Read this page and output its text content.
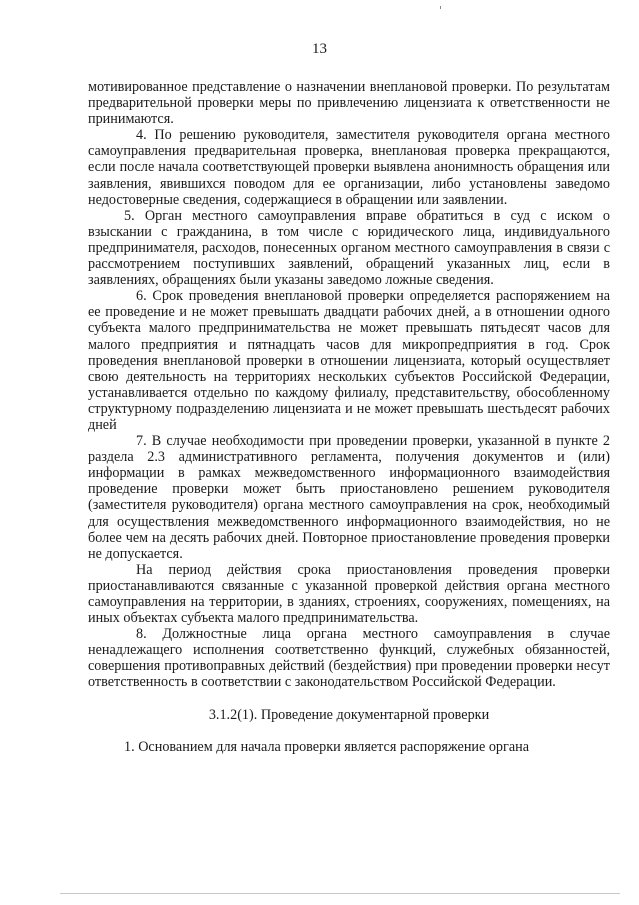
13

мотивированное представление о назначении внеплановой проверки. По результатам предварительной проверки меры по привлечению лицензиата к ответственности не принимаются.

4. По решению руководителя, заместителя руководителя органа местного самоуправления предварительная проверка, внеплановая проверка прекращаются, если после начала соответствующей проверки выявлена анонимность обращения или заявления, явившихся поводом для ее организации, либо установлены заведомо недостоверные сведения, содержащиеся в обращении или заявлении.

5. Орган местного самоуправления вправе обратиться в суд с иском о взыскании с гражданина, в том числе с юридического лица, индивидуального предпринимателя, расходов, понесенных органом местного самоуправления в связи с рассмотрением поступивших заявлений, обращений указанных лиц, если в заявлениях, обращениях были указаны заведомо ложные сведения.

6. Срок проведения внеплановой проверки определяется распоряжением на ее проведение и не может превышать двадцати рабочих дней, а в отношении одного субъекта малого предпринимательства не может превышать пятьдесят часов для малого предприятия и пятнадцать часов для микропредприятия в год. Срок проведения внеплановой проверки в отношении лицензиата, который осуществляет свою деятельность на территориях нескольких субъектов Российской Федерации, устанавливается отдельно по каждому филиалу, представительству, обособленному структурному подразделению лицензиата и не может превышать шестьдесят рабочих дней

7. В случае необходимости при проведении проверки, указанной в пункте 2 раздела 2.3 административного регламента, получения документов и (или) информации в рамках межведомственного информационного взаимодействия проведение проверки может быть приостановлено решением руководителя (заместителя руководителя) органа местного самоуправления на срок, необходимый для осуществления межведомственного информационного взаимодействия, но не более чем на десять рабочих дней. Повторное приостановление проведения проверки не допускается.

На период действия срока приостановления проведения проверки приостанавливаются связанные с указанной проверкой действия органа местного самоуправления на территории, в зданиях, строениях, сооружениях, помещениях, на иных объектах субъекта малого предпринимательства.

8. Должностные лица органа местного самоуправления в случае ненадлежащего исполнения соответственно функций, служебных обязанностей, совершения противоправных действий (бездействия) при проведении проверки несут ответственность в соответствии с законодательством Российской Федерации.

3.1.2(1). Проведение документарной проверки

1. Основанием для начала проверки является распоряжение органа
